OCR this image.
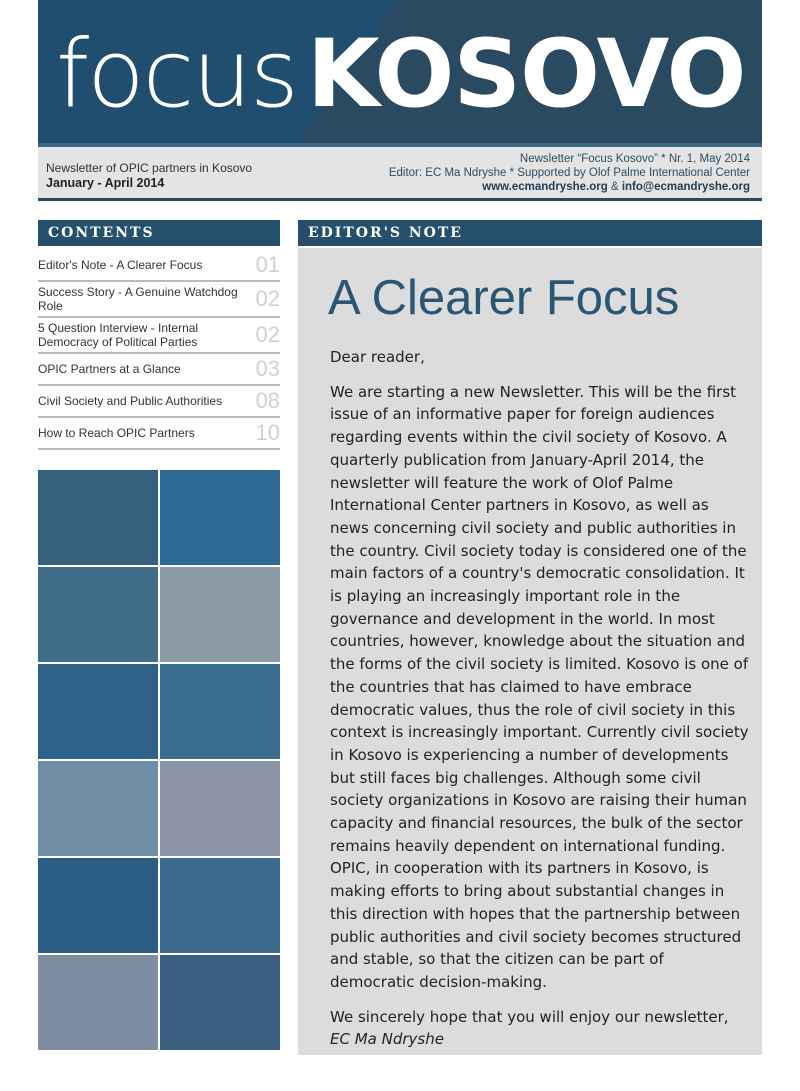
focus KOSOVO
Newsletter of OPIC partners in Kosovo
January - April 2014
Newsletter “Focus Kosovo” * Nr. 1, May 2014
Editor: EC Ma Ndryshe * Supported by Olof Palme International Center
www.ecmandryshe.org & info@ecmandryshe.org
CONTENTS
Editor's Note - A Clearer Focus	01
Success Story - A Genuine Watchdog Role	02
5 Question Interview - Internal Democracy of Political Parties	02
OPIC Partners at a Glance	03
Civil Society and Public Authorities	08
How to Reach OPIC Partners	10
EDITOR'S NOTE
A Clearer Focus
Dear reader,
We are starting a new Newsletter. This will be the first issue of an informative paper for foreign audiences regarding events within the civil society of Kosovo. A quarterly publication from January-April 2014, the newsletter will feature the work of Olof Palme International Center partners in Kosovo, as well as news concerning civil society and public authorities in the country. Civil society today is considered one of the main factors of a country's democratic consolidation. It is playing an increasingly important role in the governance and development in the world. In most countries, however, knowledge about the situation and the forms of the civil society is limited. Kosovo is one of the countries that has claimed to have embrace democratic values, thus the role of civil society in this context is increasingly important. Currently civil society in Kosovo is experiencing a number of developments but still faces big challenges. Although some civil society organizations in Kosovo are raising their human capacity and financial resources, the bulk of the sector remains heavily dependent on international funding. OPIC, in cooperation with its partners in Kosovo, is making efforts to bring about substantial changes in this direction with hopes that the partnership between public authorities and civil society becomes structured and stable, so that the citizen can be part of democratic decision-making.
We sincerely hope that you will enjoy our newsletter,
EC Ma Ndryshe
